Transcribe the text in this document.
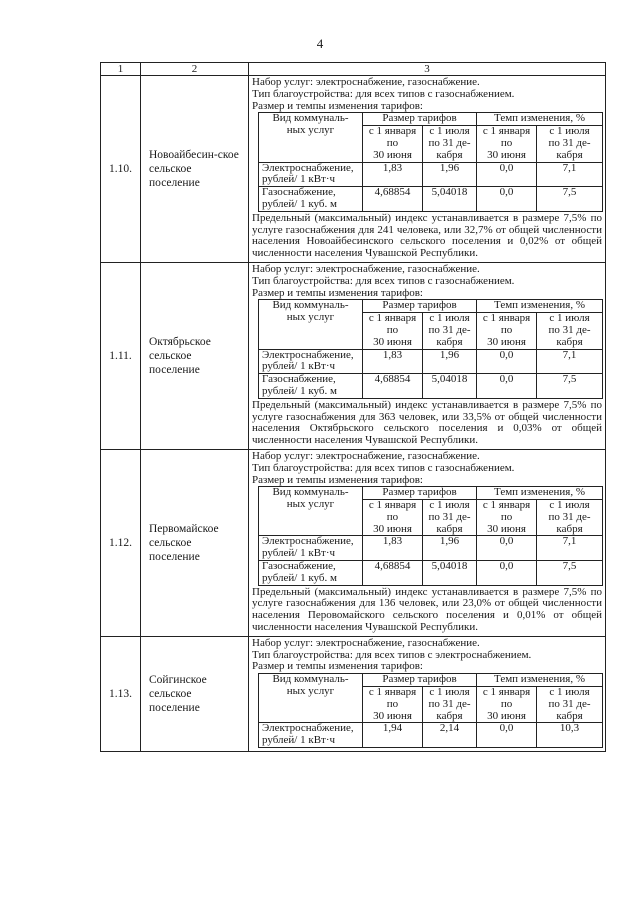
4
1	2	3
1.10.	Новоайбесин-ское сельское поселение	
Набор услуг: электроснабжение, газоснабжение.
Тип благоустройства: для всех типов с газоснабжением.
Размер и темпы изменения тарифов:
Вид коммуналь-
ных услуг	Размер тарифов	Темп изменения, %
с 1 января
по
30 июня	с 1 июля
по 31 де-
кабря	с 1 января
по
30 июня	с 1 июля
по 31 де-
кабря
Электроснабжение,
рублей/ 1 кВт·ч	1,83	1,96	0,0	7,1
Газоснабжение,
рублей/ 1 куб. м	4,68854	5,04018	0,0	7,5
Предельный (максимальный) индекс устанавливается в размере 7,5% по услуге газоснабжения для 241 человека, или 32,7% от общей численности населения Новоайбесинского сельского поселения и 0,02% от общей численности населения Чувашской Республики.

1.11.	Октябрьское сельское поселение	
Набор услуг: электроснабжение, газоснабжение.
Тип благоустройства: для всех типов с газоснабжением.
Размер и темпы изменения тарифов:
Вид коммуналь-
ных услуг	Размер тарифов	Темп изменения, %
с 1 января
по
30 июня	с 1 июля
по 31 де-
кабря	с 1 января
по
30 июня	с 1 июля
по 31 де-
кабря
Электроснабжение,
рублей/ 1 кВт·ч	1,83	1,96	0,0	7,1
Газоснабжение,
рублей/ 1 куб. м	4,68854	5,04018	0,0	7,5
Предельный (максимальный) индекс устанавливается в размере 7,5% по услуге газоснабжения для 363 человек, или 33,5% от общей численности населения Октябрьского сельского поселения и 0,03% от общей численности населения Чувашской Республики.

1.12.	Первомайское сельское поселение	
Набор услуг: электроснабжение, газоснабжение.
Тип благоустройства: для всех типов с газоснабжением.
Размер и темпы изменения тарифов:
Вид коммуналь-
ных услуг	Размер тарифов	Темп изменения, %
с 1 января
по
30 июня	с 1 июля
по 31 де-
кабря	с 1 января
по
30 июня	с 1 июля
по 31 де-
кабря
Электроснабжение,
рублей/ 1 кВт·ч	1,83	1,96	0,0	7,1
Газоснабжение,
рублей/ 1 куб. м	4,68854	5,04018	0,0	7,5
Предельный (максимальный) индекс устанавливается в размере 7,5% по услуге газоснабжения для 136 человек, или 23,0% от общей численности населения Перовомайского сельского поселения и 0,01% от общей численности населения Чувашской Республики.

1.13.	Сойгинское сельское поселение	
Набор услуг: электроснабжение, газоснабжение.
Тип благоустройства: для всех типов с электроснабжением.
Размер и темпы изменения тарифов:
Вид коммуналь-
ных услуг	Размер тарифов	Темп изменения, %
с 1 января
по
30 июня	с 1 июля
по 31 де-
кабря	с 1 января
по
30 июня	с 1 июля
по 31 де-
кабря
Электроснабжение,
рублей/ 1 кВт·ч	1,94	2,14	0,0	10,3
